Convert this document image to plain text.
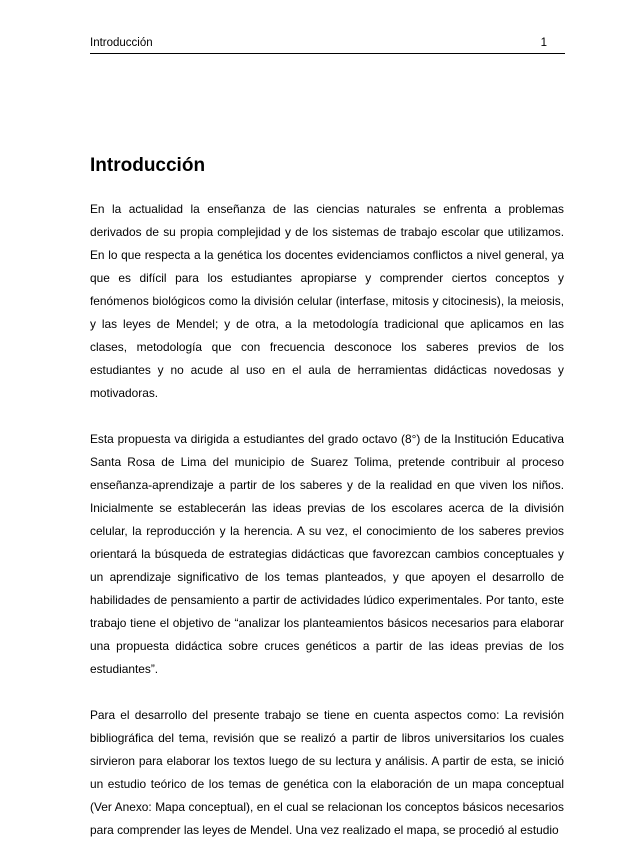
Introducción	1
Introducción

En la actualidad la enseñanza de las ciencias naturales se enfrenta a problemas derivados de su propia complejidad y de los sistemas de trabajo escolar que utilizamos. En lo que respecta a la genética los docentes evidenciamos conflictos a nivel general, ya que es difícil para los estudiantes apropiarse y comprender ciertos conceptos y fenómenos biológicos como la división celular (interfase, mitosis y citocinesis), la meiosis, y las leyes de Mendel; y de otra, a la metodología tradicional que aplicamos en las clases, metodología que con frecuencia desconoce los saberes previos de los estudiantes y no acude al uso en el aula de herramientas didácticas novedosas y motivadoras.

Esta propuesta va dirigida a estudiantes del grado octavo (8°) de la Institución Educativa Santa Rosa de Lima del municipio de Suarez Tolima, pretende contribuir al proceso enseñanza-aprendizaje a partir de los saberes y de la realidad en que viven los niños. Inicialmente se establecerán las ideas previas de los escolares acerca de la división celular, la reproducción y la herencia. A su vez, el conocimiento de los saberes previos orientará la búsqueda de estrategias didácticas que favorezcan cambios conceptuales y un aprendizaje significativo de los temas planteados, y que apoyen el desarrollo de habilidades de pensamiento a partir de actividades lúdico experimentales. Por tanto, este trabajo tiene el objetivo de “analizar los planteamientos básicos necesarios para elaborar una propuesta didáctica sobre cruces genéticos a partir de las ideas previas de los estudiantes”.

Para el desarrollo del presente trabajo se tiene en cuenta aspectos como: La revisión bibliográfica del tema, revisión que se realizó a partir de libros universitarios los cuales sirvieron para elaborar los textos luego de su lectura y análisis. A partir de esta, se inició un estudio teórico de los temas de genética con la elaboración de un mapa conceptual (Ver Anexo: Mapa conceptual), en el cual se relacionan los conceptos básicos necesarios para comprender las leyes de Mendel. Una vez realizado el mapa, se procedió al estudio
